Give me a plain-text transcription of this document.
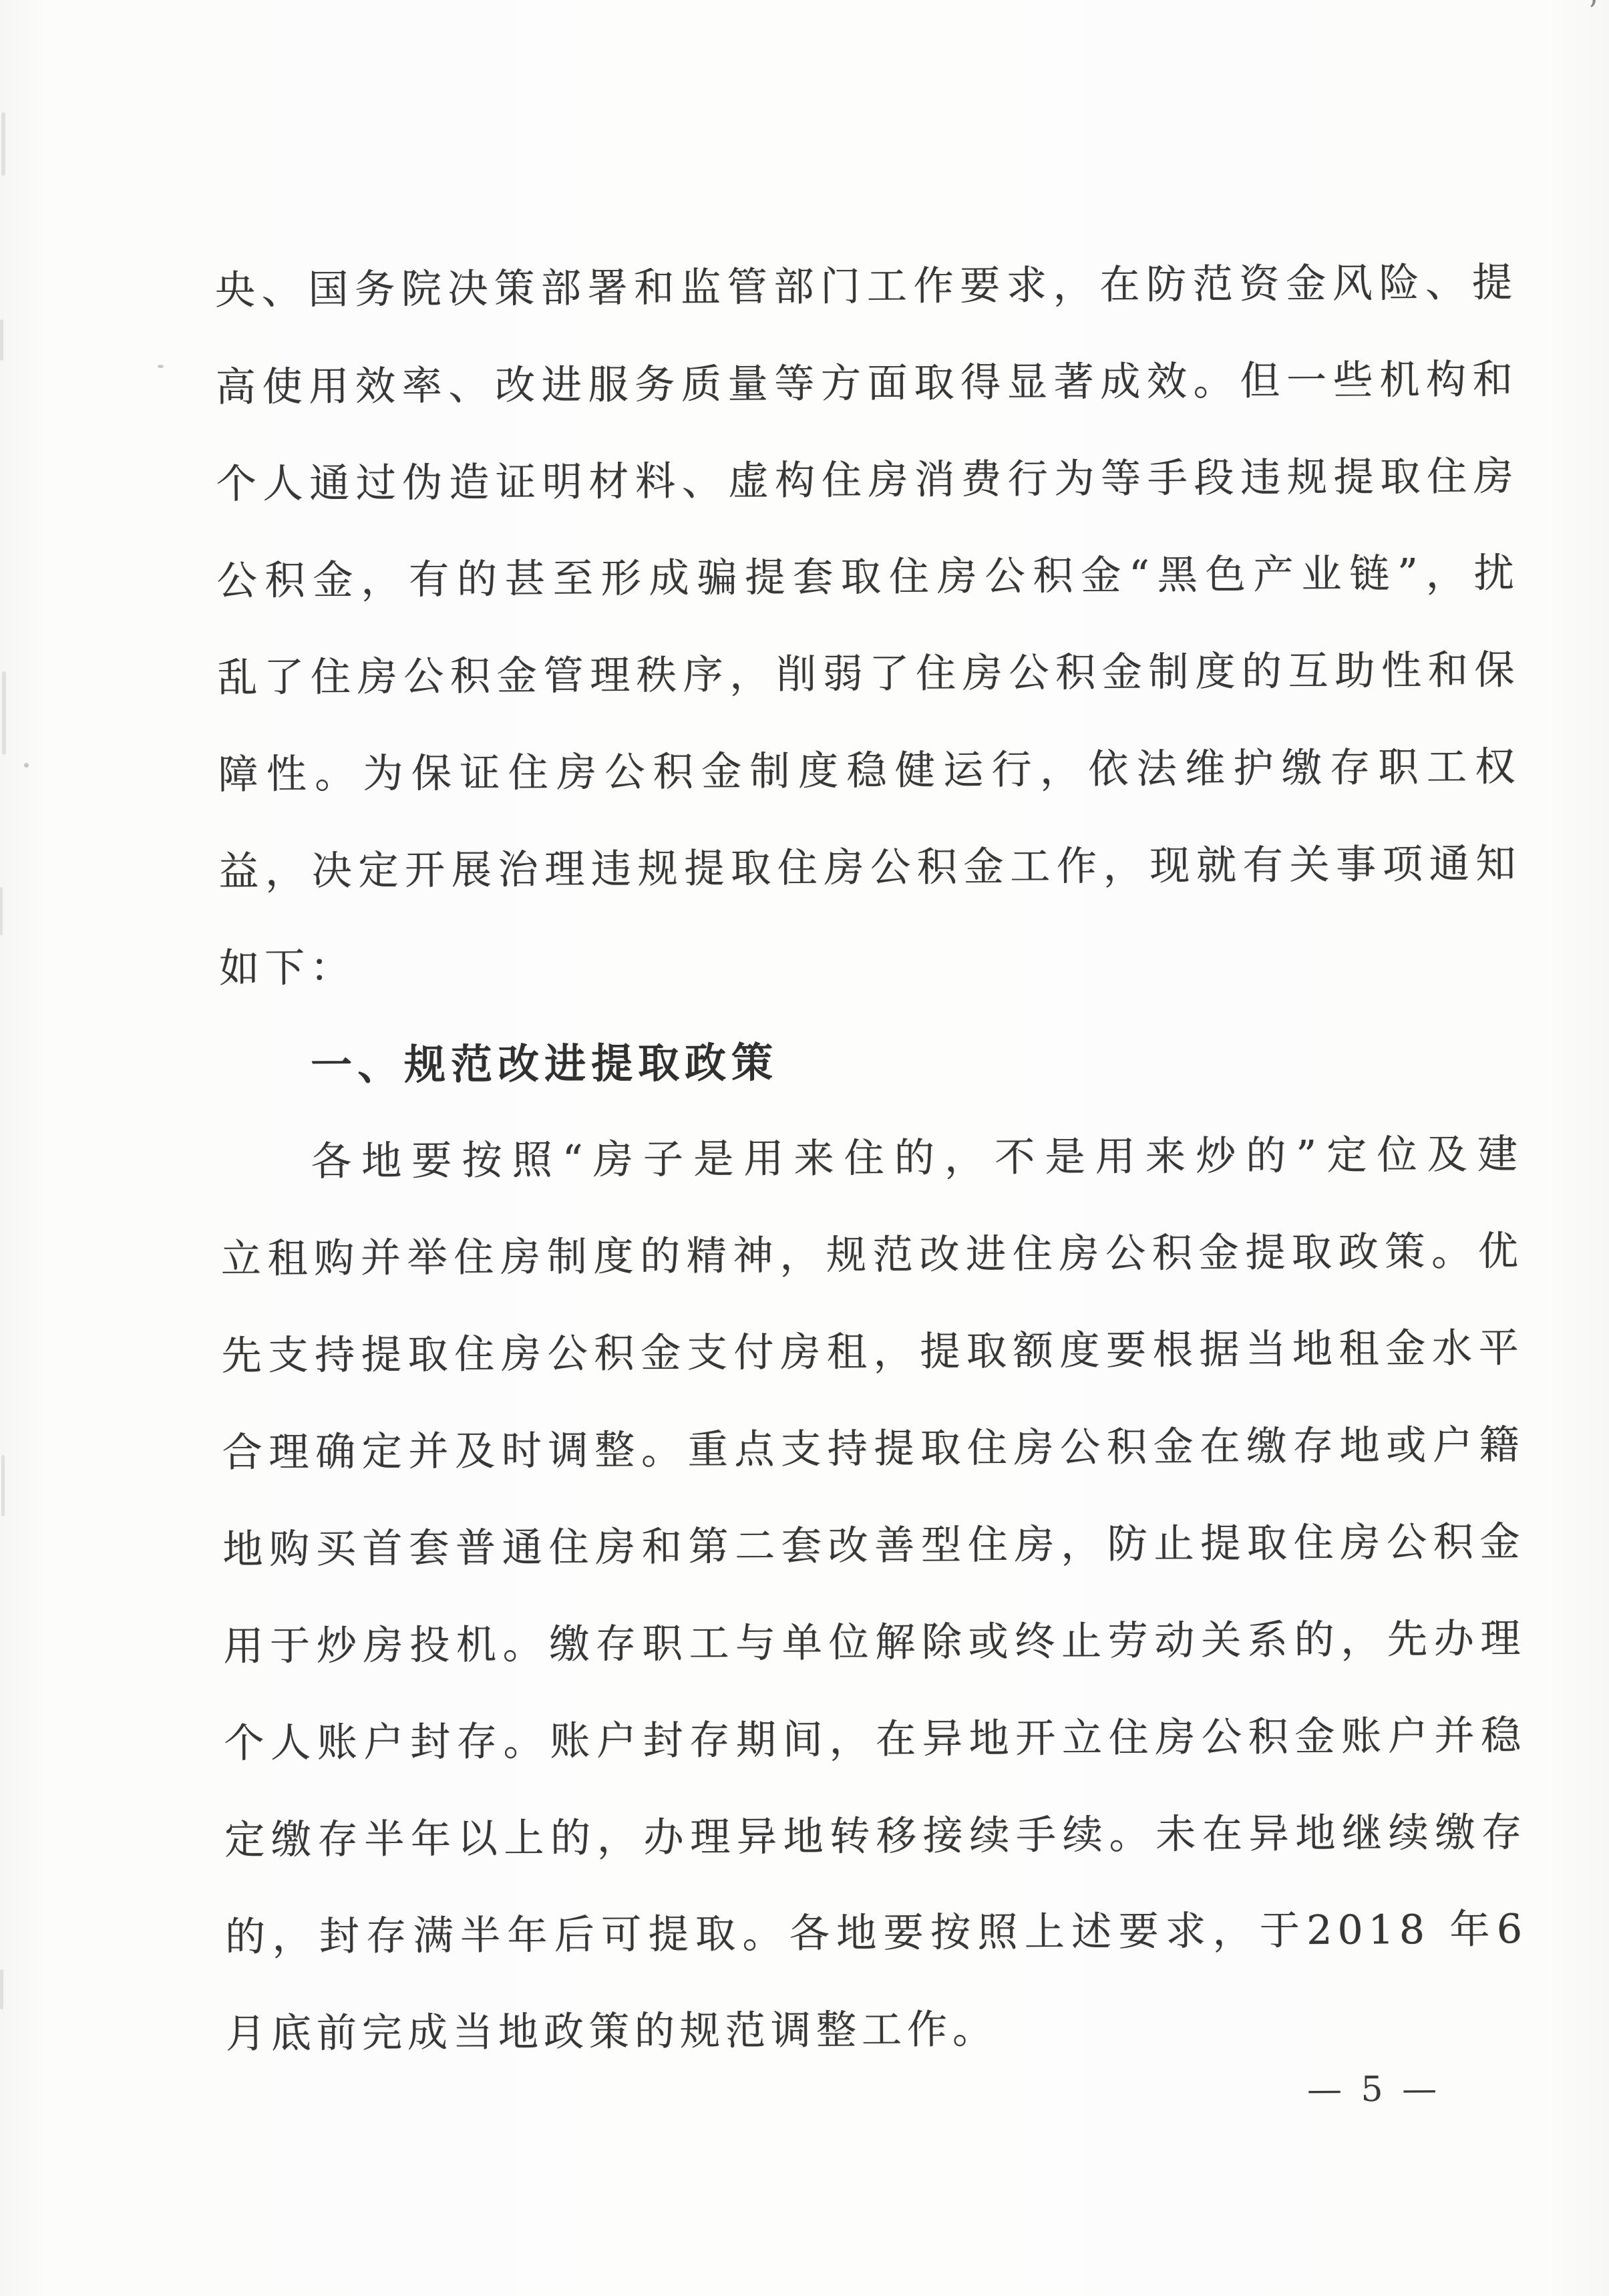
’
央、国务院决策部署和监管部门工作要求，在防范资金风险、提
高使用效率、改进服务质量等方面取得显著成效。但一些机构和
个人通过伪造证明材料、虚构住房消费行为等手段违规提取住房
公积金，有的甚至形成骗提套取住房公积金“黑色产业链”，扰
乱了住房公积金管理秩序，削弱了住房公积金制度的互助性和保
障性。为保证住房公积金制度稳健运行，依法维护缴存职工权
益，决定开展治理违规提取住房公积金工作，现就有关事项通知
如下：
一、规范改进提取政策
各地要按照“房子是用来住的，不是用来炒的”定位及建
立租购并举住房制度的精神，规范改进住房公积金提取政策。优
先支持提取住房公积金支付房租，提取额度要根据当地租金水平
合理确定并及时调整。重点支持提取住房公积金在缴存地或户籍
地购买首套普通住房和第二套改善型住房，防止提取住房公积金
用于炒房投机。缴存职工与单位解除或终止劳动关系的，先办理
个人账户封存。账户封存期间，在异地开立住房公积金账户并稳
定缴存半年以上的，办理异地转移接续手续。未在异地继续缴存
的，封存满半年后可提取。各地要按照上述要求，于2018 年6
月底前完成当地政策的规范调整工作。
— 5 —
